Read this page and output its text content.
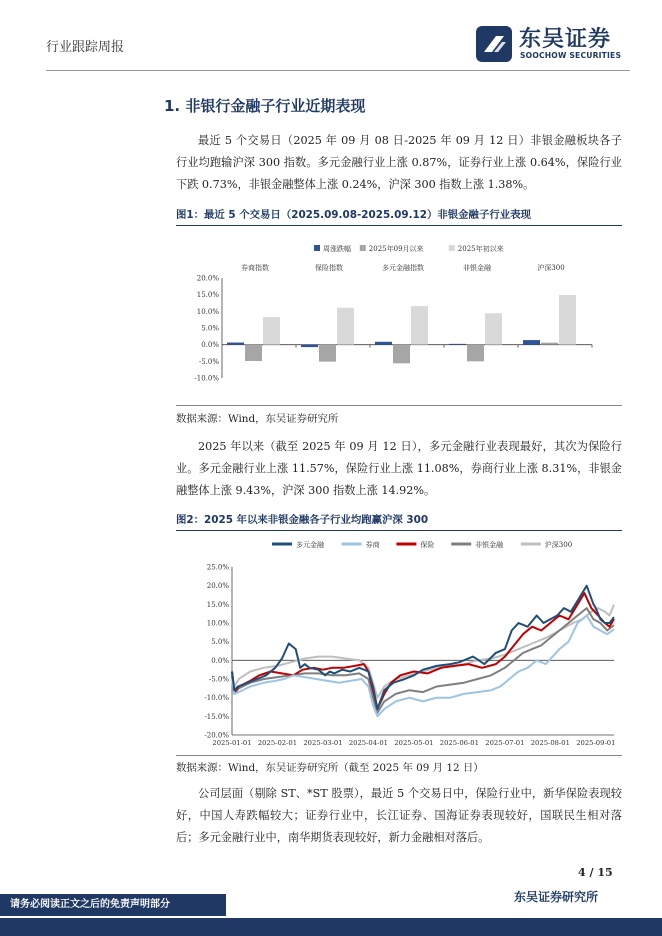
行业跟踪周报	东吴证券
SOOCHOW SECURITIES
1. 非银行金融子行业近期表现
最近 5 个交易日（2025 年 09 月 08 日-2025 年 09 月 12 日）非银金融板块各子行业均跑输沪深 300 指数。多元金融行业上涨 0.87%，证券行业上涨 0.64%，保险行业下跌 0.73%，非银金融整体上涨 0.24%，沪深 300 指数上涨 1.38%。
图1：最近 5 个交易日（2025.09.08-2025.09.12）非银金融子行业表现
周涨跌幅	2025年09月以来	2025年初以来
20.0%
15.0%
10.0%
5.0%
0.0%
-5.0%
-10.0%
券商指数	保险指数	多元金融指数	非银金融	沪深300
数据来源：Wind，东吴证券研究所
2025 年以来（截至 2025 年 09 月 12 日），多元金融行业表现最好，其次为保险行业。多元金融行业上涨 11.57%，保险行业上涨 11.08%，券商行业上涨 8.31%，非银金融整体上涨 9.43%，沪深 300 指数上涨 14.92%。
图2：2025 年以来非银金融各子行业均跑赢沪深 300
多元金融	券商	保险	非银金融	沪深300
25.0%
20.0%
15.0%
10.0%
5.0%
0.0%
-5.0%
-10.0%
-15.0%
-20.0%
2025-01-01 2025-02-01 2025-03-01 2025-04-01 2025-05-01 2025-06-01 2025-07-01 2025-08-01 2025-09-01
数据来源：Wind，东吴证券研究所（截至 2025 年 09 月 12 日）
公司层面（剔除 ST、*ST 股票），最近 5 个交易日中，保险行业中，新华保险表现较好，中国人寿跌幅较大；证券行业中，长江证券、国海证券表现较好，国联民生相对落后；多元金融行业中，南华期货表现较好，新力金融相对落后。
4 / 15
东吴证券研究所
请务必阅读正文之后的免责声明部分
